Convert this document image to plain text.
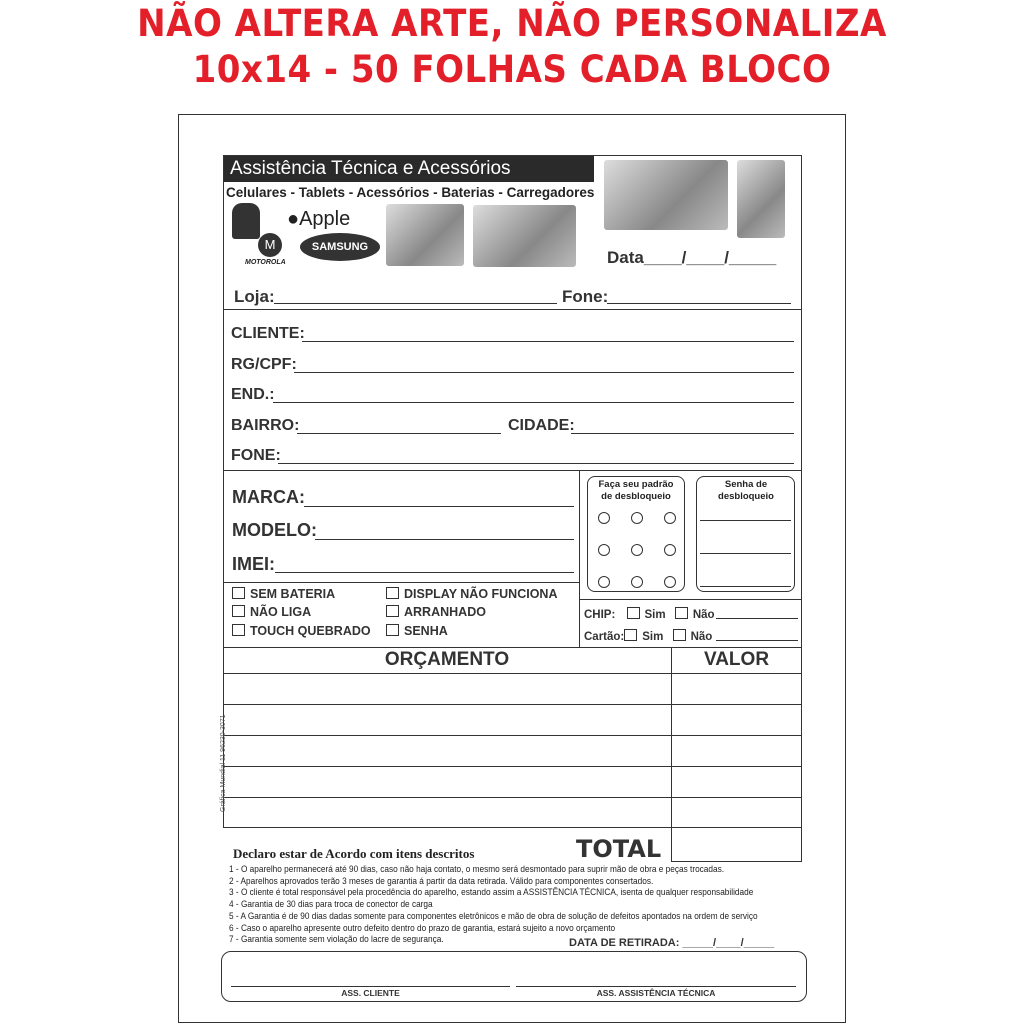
NÃO ALTERA ARTE, NÃO PERSONALIZA
10x14 - 50 FOLHAS CADA BLOCO
Assistência Técnica e Acessórios
Celulares - Tablets - Acessórios - Baterias - Carregadores
●Apple
M
MOTOROLA
SAMSUNG
Data____/____/_____
Loja:	Fone:
CLIENTE:
RG/CPF:
END.:
BAIRRO:	CIDADE:
FONE:
MARCA:
MODELO:
IMEI:
Faça seu padrão de desbloqueio
Senha de desbloqueio
SEM BATERIA	DISPLAY NÃO FUNCIONA
NÃO LIGA	ARRANHADO
TOUCH QUEBRADO	SENHA
CHIP:	Sim Não
Cartão: Sim Não
ORÇAMENTO	VALOR
TOTAL
Gráfica Mundial 11 96230-3071
Declaro estar de Acordo com itens descritos
1 - O aparelho permanecerá até 90 dias, caso não haja contato, o mesmo será desmontado para suprir mão de obra e peças trocadas.
2 - Aparelhos aprovados terão 3 meses de garantia á partir da data retirada. Válido para componentes consertados.
3 - O cliente é total responsável pela procedência do aparelho, estando assim a ASSISTÊNCIA TÉCNICA, isenta de qualquer responsabilidade
4 - Garantia de 30 dias para troca de conector de carga
5 - A Garantia é de 90 dias dadas somente para componentes eletrônicos e mão de obra de solução de defeitos apontados na ordem de serviço
6 - Caso o aparelho apresente outro defeito dentro do prazo de garantia, estará sujeito a novo orçamento
7 - Garantia somente sem violação do lacre de segurança.	DATA DE RETIRADA: _____/____/_____
ASS. CLIENTE	ASS. ASSISTÊNCIA TÉCNICA
